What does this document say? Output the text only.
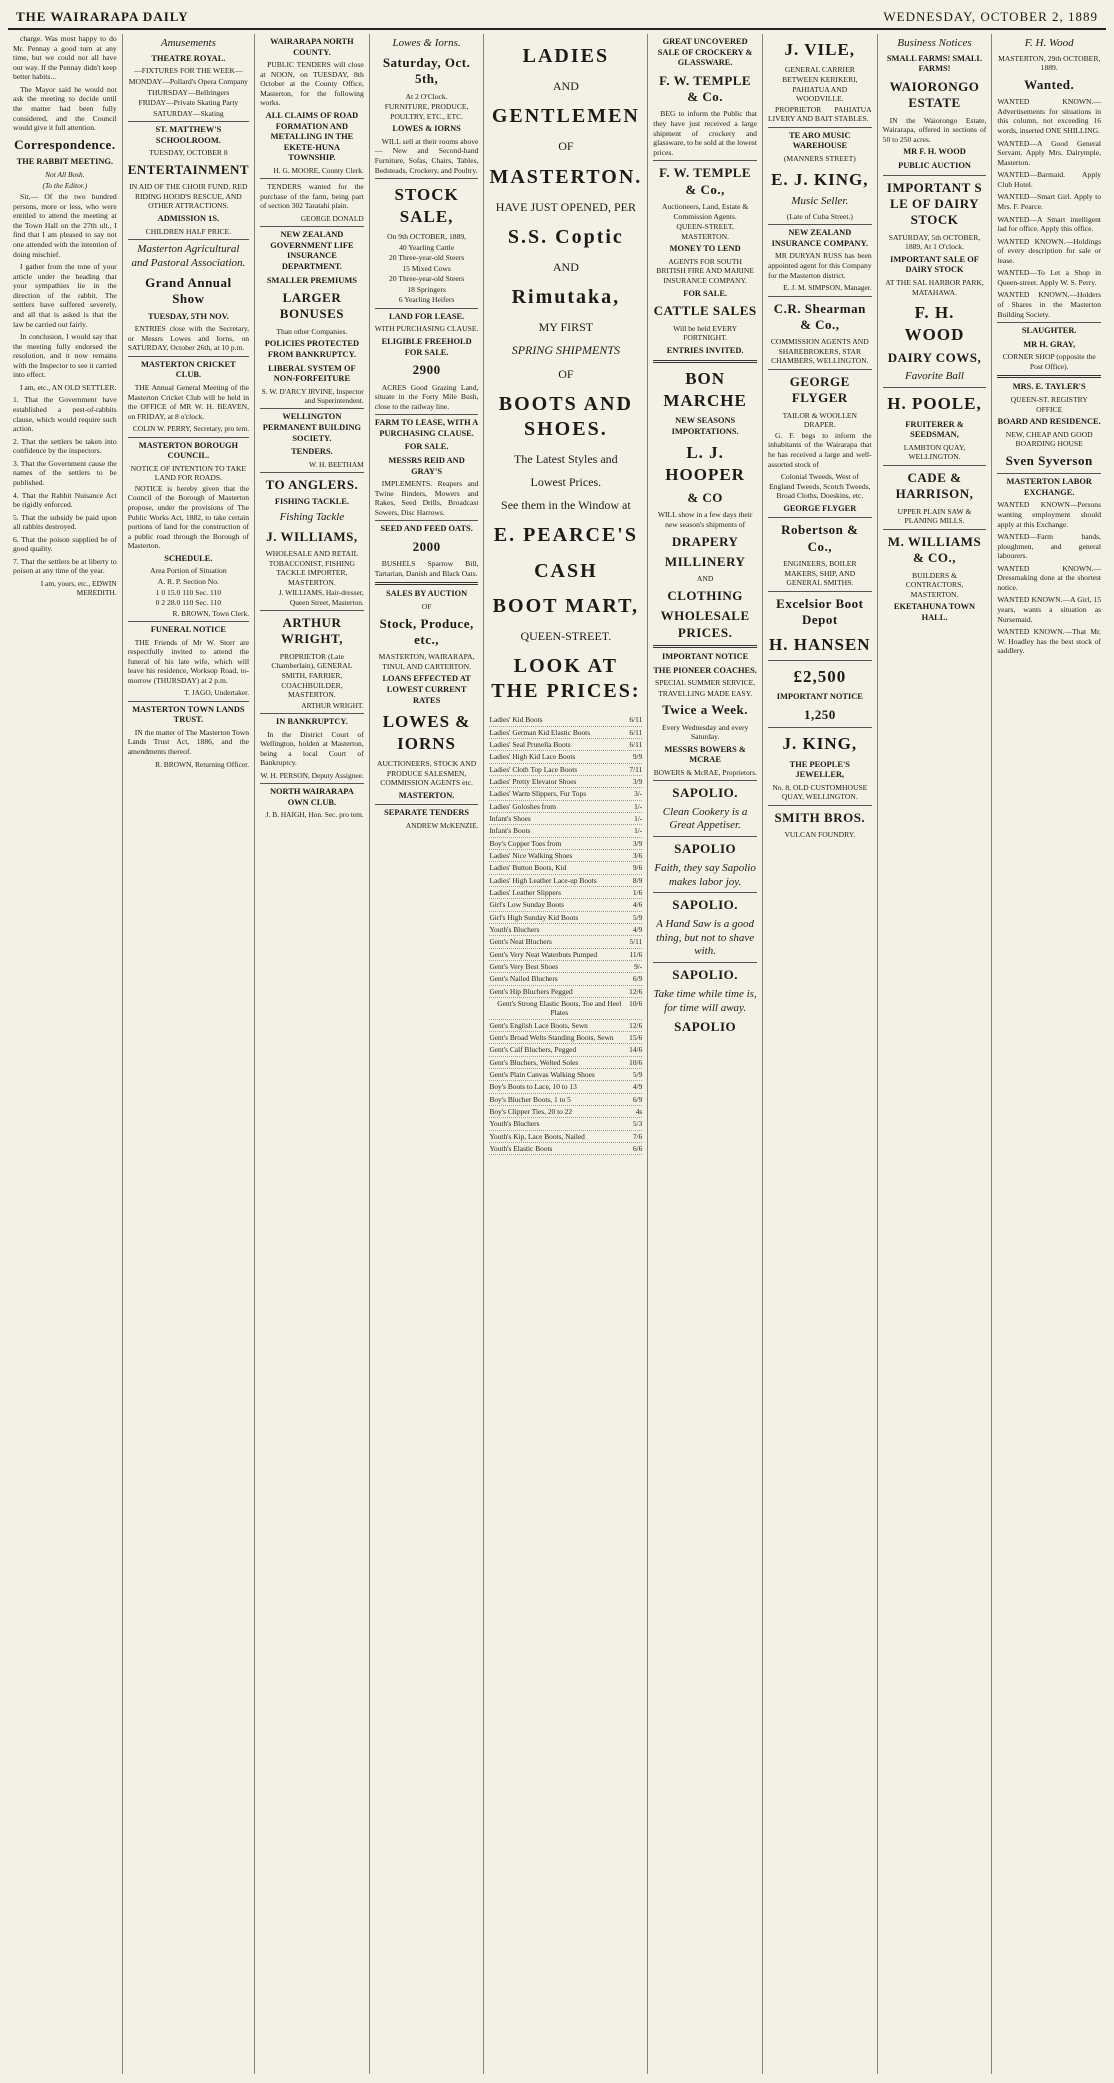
THE WAIRARAPA DAILY	WEDNESDAY, OCTOBER 2, 1889

charge. Was most happy to do Mr. Pennay a good turn at any time, but we could not all have our way. If the Pennay didn't keep better habits...

The Mayor said he would not ask the meeting to decide until the matter had been fully considered, and the Council would give it full attention.

Correspondence.
THE RABBIT MEETING.
Not All Bosh.
(To the Editor.)

Sir,— Of the two hundred persons, more or less, who were entitled to attend the meeting at the Town Hall on the 27th ult., I find that I am pleased to say not one attended with the intention of doing mischief.

I gather from the tone of your article under the heading that your sympathies lie in the direction of the rabbit. The settlers have suffered severely, and all that is asked is that the law be carried out fairly.

In conclusion, I would say that the meeting fully endorsed the resolution, and it now remains with the Inspector to see it carried into effect.

I am, etc., AN OLD SETTLER.

1. That the Government have established a pest-of-rabbits clause, which would require such action.

2. That the settlers be taken into confidence by the inspectors.

3. That the Government cause the names of the settlers to be published.

4. That the Rabbit Nuisance Act be rigidly enforced.

5. That the subsidy be paid upon all rabbits destroyed.

6. That the poison supplied be of good quality.

7. That the settlers be at liberty to poison at any time of the year.

I am, yours, etc., EDWIN MEREDITH.
Amusements
THEATRE ROYAL.
—FIXTURES FOR THE WEEK—
MONDAY—Pollard's Opera Company
THURSDAY—Bellringers
FRIDAY—Private Skating Party
SATURDAY—Skating
ST. MATTHEW'S SCHOOLROOM.
TUESDAY, OCTOBER 8
ENTERTAINMENT
IN AID OF THE CHOIR FUND. RED RIDING HOOD'S RESCUE, AND OTHER ATTRACTIONS.
ADMISSION 1S.
CHILDREN HALF PRICE.
Masterton Agricultural and Pastoral Association.
Grand Annual Show
TUESDAY, 5TH NOV.

ENTRIES close with the Secretary, or Messrs Lowes and Iorns, on SATURDAY, October 26th, at 10 p.m.

MASTERTON CRICKET CLUB.

THE Annual General Meeting of the Masterton Cricket Club will be held in the OFFICE of MR W. H. BEAVEN, on FRIDAY, at 8 o'clock.

COLIN W. PERRY, Secretary, pro tem.
MASTERTON BOROUGH COUNCIL.
NOTICE OF INTENTION TO TAKE LAND FOR ROADS.

NOTICE is hereby given that the Council of the Borough of Masterton propose, under the provisions of The Public Works Act, 1882, to take certain portions of land for the construction of a public road through the Borough of Masterton.

SCHEDULE.
Area Portion of Situation
A. R. P. Section No.
1 0 15.0 110 Sec. 110
0 2 28.0 110 Sec. 110
R. BROWN, Town Clerk.
FUNERAL NOTICE

THE Friends of Mr W. Storr are respectfully invited to attend the funeral of his late wife, which will leave his residence, Worksop Road, to-morrow (THURSDAY) at 2 p.m.

T. JAGO, Undertaker.
MASTERTON TOWN LANDS TRUST.

IN the matter of The Masterton Town Lands Trust Act, 1886, and the amendments thereof.

R. BROWN, Returning Officer.
WAIRARAPA NORTH COUNTY.

PUBLIC TENDERS will close at NOON, on TUESDAY, 8th October at the County Office, Masterton, for the following works.

ALL CLAIMS OF ROAD FORMATION AND METALLING IN THE EKETE-HUNA TOWNSHIP.
H. G. MOORE, County Clerk.

TENDERS wanted for the purchase of the farm, being part of section 302 Taratahi plain.

GEORGE DONALD
NEW ZEALAND GOVERNMENT LIFE INSURANCE DEPARTMENT.
SMALLER PREMIUMS
LARGER BONUSES
Than other Companies.
POLICIES PROTECTED FROM BANKRUPTCY.
LIBERAL SYSTEM OF NON-FORFEITURE
S. W. D'ARCY IRVINE, Inspector and Superintendent.
WELLINGTON PERMANENT BUILDING SOCIETY.
TENDERS.
W. H. BEETHAM
TO ANGLERS.
FISHING TACKLE.
Fishing Tackle
J. WILLIAMS,
WHOLESALE AND RETAIL TOBACCONIST, FISHING TACKLE IMPORTER, MASTERTON.
J. WILLIAMS, Hair-dresser, Queen Street, Masterton.
ARTHUR WRIGHT,
PROPRIETOR (Late Chamberlain), GENERAL SMITH, FARRIER, COACHBUILDER, MASTERTON.
ARTHUR WRIGHT.
IN BANKRUPTCY.

In the District Court of Wellington, holden at Masterton, being a local Court of Bankruptcy.

W. H. PERSON, Deputy Assignee.
NORTH WAIRARAPA OWN CLUB.
J. B. HAIGH, Hon. Sec. pro tem.
Lowes & Iorns.
Saturday, Oct. 5th,
At 2 O'Clock.
FURNITURE, PRODUCE, POULTRY, ETC., ETC.
LOWES & IORNS

WILL sell at their rooms above — New and Second-hand Furniture, Sofas, Chairs, Tables, Bedsteads, Crockery, and Poultry.

STOCK SALE,
On 9th OCTOBER, 1889,
40 Yearling Cattle
20 Three-year-old Steers
15 Mixed Cows
20 Three-year-old Steers
18 Springers
6 Yearling Heifers
LAND FOR LEASE.
WITH PURCHASING CLAUSE.
ELIGIBLE FREEHOLD FOR SALE.
2900

ACRES Good Grazing Land, situate in the Forty Mile Bush, close to the railway line.

FARM TO LEASE, WITH A PURCHASING CLAUSE.
FOR SALE.
MESSRS REID AND GRAY'S

IMPLEMENTS. Reapers and Twine Binders, Mowers and Rakes, Seed Drills, Broadcast Sowers, Disc Harrows.

SEED AND FEED OATS.
2000

BUSHELS Sparrow Bill, Tartarian, Danish and Black Oats.

SALES BY AUCTION
OF
Stock, Produce, etc.,
MASTERTON, WAIRARAPA, TINUI, AND CARTERTON.
LOANS EFFECTED AT LOWEST CURRENT RATES
LOWES & IORNS
AUCTIONEERS, STOCK AND PRODUCE SALESMEN, COMMISSION AGENTS etc.
MASTERTON.
SEPARATE TENDERS
ANDREW McKENZIE.
LADIES
AND
GENTLEMEN
OF
MASTERTON.
HAVE JUST OPENED, PER
S.S. Coptic
AND
Rimutaka,
MY FIRST
SPRING SHIPMENTS
OF
BOOTS AND SHOES.
The Latest Styles and
Lowest Prices.
See them in the Window at
E. PEARCE'S
CASH
BOOT MART,
QUEEN-STREET.
LOOK AT THE PRICES:
Ladies' Kid Boots	6/11
Ladies' German Kid Elastic Boots	6/11
Ladies' Seal Prunella Boots	6/11
Ladies' High Kid Lace Boots	9/9
Ladies' Cloth Top Lace Boots	7/11
Ladies' Pretty Elevator Shoes	3/9
Ladies' Warm Slippers, Fur Tops	3/-
Ladies' Goloshes from	1/-
Infant's Shoes	1/-
Infant's Boots	1/-
Boy's Copper Toes from	3/9
Ladies' Nice Walking Shoes	3/6
Ladies' Button Boots, Kid	9/6
Ladies' High Leather Lace-up Boots	8/9
Ladies' Leather Slippers	1/6
Girl's Low Sunday Boots	4/6
Girl's High Sunday Kid Boots	5/9
Youth's Bluchers	4/9
Gent's Neat Bluchers	5/11
Gent's Very Neat Waterbuts Pumped	11/6
Gent's Very Best Shoes	9/-
Gent's Nailed Bluchers	6/9
Gent's Hip Bluchers Pegged	12/6
Gent's Strong Elastic Boots, Toe and Heel Plates
10/6
Gent's English Lace Boots, Sewn	12/6
Gent's Broad Welts Standing Boots, Sewn 15/6
Gent's Calf Bluchers, Pegged	14/6
Gent's Bluchers, Welted Soles	10/6
Gent's Plain Canvas Walking Shoes	5/9
Boy's Boots to Lace, 10 to 13	4/9
Boy's Blucher Boots, 1 to 5	6/9
Boy's Clipper Ties, 20 to 22	4s
Youth's Bluchers	5/3
Youth's Kip, Lace Boots, Nailed	7/6
Youth's Elastic Boots	6/6
GREAT UNCOVERED SALE OF CROCKERY & GLASSWARE.
F. W. TEMPLE & Co.

BEG to inform the Public that they have just received a large shipment of crockery and glassware, to be sold at the lowest prices.

F. W. TEMPLE & Co.,
Auctioneers, Land, Estate & Commission Agents.
QUEEN-STREET, MASTERTON.
MONEY TO LEND
AGENTS FOR SOUTH BRITISH FIRE AND MARINE INSURANCE COMPANY.
FOR SALE.
CATTLE SALES
Will be held EVERY FORTNIGHT.
ENTRIES INVITED.
BON MARCHE
NEW SEASONS IMPORTATIONS.
L. J. HOOPER
& CO
WILL show in a few days their new season's shipments of
DRAPERY
MILLINERY
AND
CLOTHING
WHOLESALE PRICES.
IMPORTANT NOTICE
THE PIONEER COACHES.
SPECIAL SUMMER SERVICE,
TRAVELLING MADE EASY.
Twice a Week.
Every Wednesday and every Saturday.
MESSRS BOWERS & MCRAE
BOWERS & McRAE, Proprietors.
SAPOLIO.
Clean Cookery is a Great Appetiser.
SAPOLIO
Faith, they say Sapolio makes labor joy.
SAPOLIO.
A Hand Saw is a good thing, but not to shave with.
SAPOLIO.
Take time while time is, for time will away.
SAPOLIO
J. VILE,
GENERAL CARRIER BETWEEN KERIKERI, PAHIATUA AND WOODVILLE.

PROPRIETOR PAHIATUA LIVERY AND BAIT STABLES.

TE ARO MUSIC WAREHOUSE
(MANNERS STREET)
E. J. KING,
Music Seller.
(Late of Cuba Street.)
NEW ZEALAND INSURANCE COMPANY.

MR DURYAN RUSS has been appointed agent for this Company for the Masterton district.

E. J. M. SIMPSON, Manager.
C.R. Shearman & Co.,
COMMISSION AGENTS AND SHAREBROKERS, STAR CHAMBERS, WELLINGTON.
GEORGE FLYGER
TAILOR & WOOLLEN DRAPER.

G. F. begs to inform the inhabitants of the Wairarapa that he has received a large and well-assorted stock of

Colonial Tweeds, West of England Tweeds, Scotch Tweeds, Broad Cloths, Doeskins, etc.
GEORGE FLYGER
Robertson & Co.,
ENGINEERS, BOILER MAKERS, SHIP, AND GENERAL SMITHS.
Excelsior Boot Depot
H. HANSEN
£2,500
IMPORTANT NOTICE
1,250
J. KING,
THE PEOPLE'S JEWELLER,
No. 8, OLD CUSTOMHOUSE QUAY, WELLINGTON.
SMITH BROS.
VULCAN FOUNDRY.
Business Notices
SMALL FARMS! SMALL FARMS!
WAIORONGO ESTATE

IN the Waiorongo Estate, Wairarapa, offered in sections of 50 to 250 acres.

MR F. H. WOOD
PUBLIC AUCTION
IMPORTANT S LE OF DAIRY STOCK
SATURDAY, 5th OCTOBER, 1889, At 1 O'clock.
IMPORTANT SALE OF DAIRY STOCK
AT THE SAL HARBOR PARK, MATAHAWA.
F. H. WOOD
DAIRY COWS,
Favorite Ball
H. POOLE,
FRUITERER & SEEDSMAN,
LAMBTON QUAY, WELLINGTON.
CADE & HARRISON,
UPPER PLAIN SAW & PLANING MILLS.
M. WILLIAMS & CO.,
BUILDERS & CONTRACTORS, MASTERTON.
EKETAHUNA TOWN HALL.
F. H. Wood
MASTERTON, 29th OCTOBER, 1889.
Wanted.

WANTED KNOWN.—Advertisements for situations in this column, not exceeding 16 words, inserted ONE SHILLING.

WANTED—A Good General Servant. Apply Mrs. Dalrymple, Masterton.

WANTED—Barmaid. Apply Club Hotel.

WANTED—Smart Girl. Apply to Mrs. F. Pearce.

WANTED—A Smart intelligent lad for office. Apply this office.

WANTED KNOWN.—Holdings of every description for sale or lease.

WANTED—To Let a Shop in Queen-street. Apply W. S. Perry.

WANTED KNOWN.—Holders of Shares in the Masterton Building Society.

SLAUGHTER.
MR H. GRAY,
CORNER SHOP (opposite the Post Office).
MRS. E. TAYLER'S
QUEEN-ST. REGISTRY OFFICE
BOARD AND RESIDENCE.
NEW, CHEAP AND GOOD BOARDING HOUSE
Sven Syverson
MASTERTON LABOR EXCHANGE.

WANTED KNOWN—Persons wanting employment should apply at this Exchange.

WANTED—Farm hands, ploughmen, and general labourers.

WANTED KNOWN.—Dressmaking done at the shortest notice.

WANTED KNOWN.—A Girl, 15 years, wants a situation as Nursemaid.

WANTED KNOWN.—That Mr. W. Hoadley has the best stock of saddlery.
